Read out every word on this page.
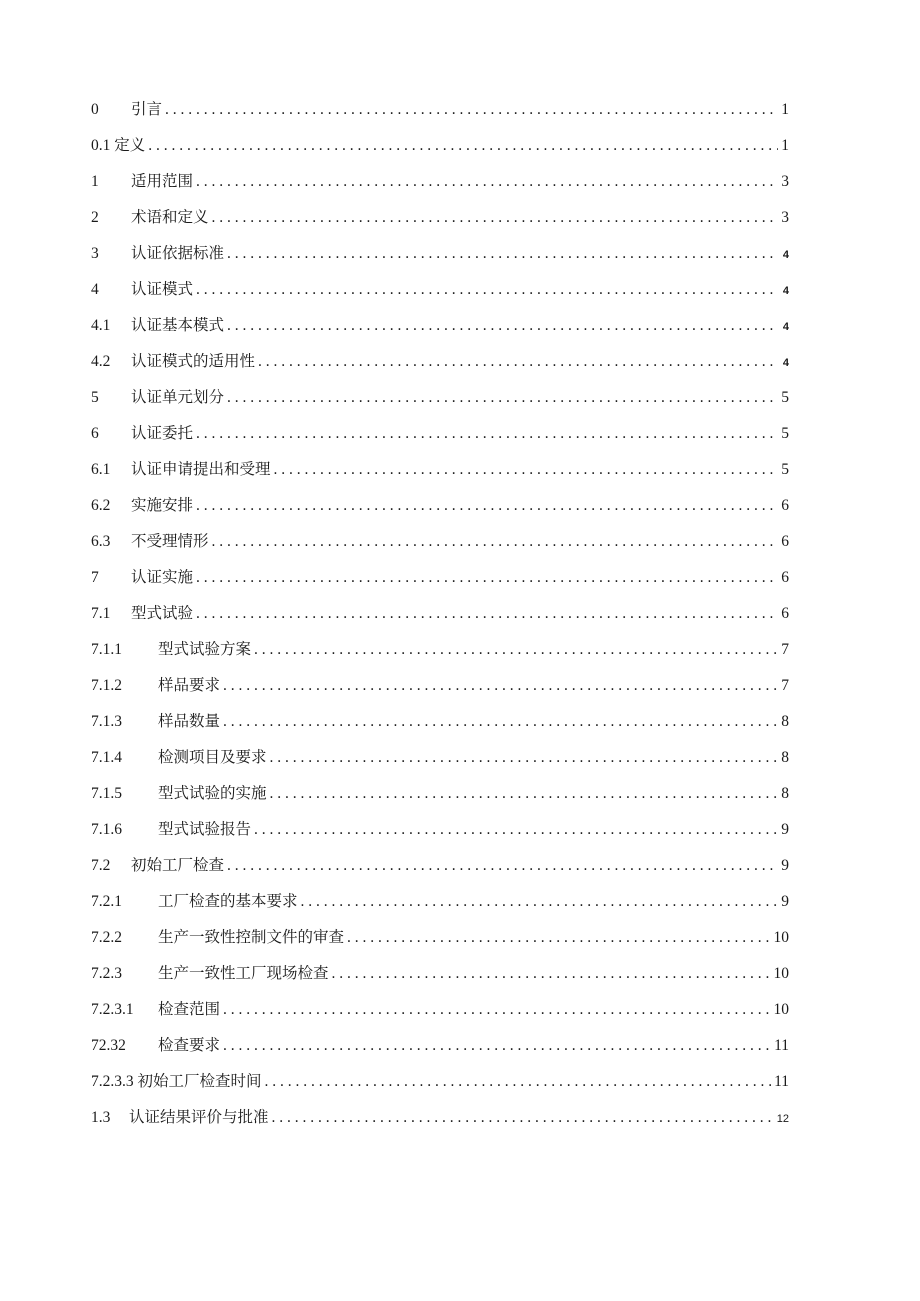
0	引言 . . .	1
0.1 定义 . . .	1
1	适用范围 . . .	3
2	术语和定义 . . .	3
3	认证依据标准 . . .	4
4	认证模式 . . .	4
4.1	认证基本模式 . . .	4
4.2	认证模式的适用性 . . .	4
5	认证单元划分 . . .	5
6	认证委托 . . .	5
6.1	认证申请提出和受理 . . .	5
6.2	实施安排 . . .	6
6.3	不受理情形 . . .	6
7	认证实施 . . .	6
7.1	型式试验 . . .	6
7.1.1	型式试验方案 . . .	7
7.1.2	样品要求 . . .	7
7.1.3	样品数量 . . .	8
7.1.4	检测项目及要求 . . .	8
7.1.5	型式试验的实施 . . .	8
7.1.6	型式试验报告 . . .	9
7.2	初始工厂检查 . . .	9
7.2.1	工厂检查的基本要求 . . .	9
7.2.2	生产一致性控制文件的审查 . . .	10
7.2.3	生产一致性工厂现场检查 . . .	10
7.2.3.1	检查范围 . . .	10
72.32	检查要求 . . .	11
7.2.3.3 初始工厂检查时间 . . .	11
1.3	认证结果评价与批准 . . .	12
